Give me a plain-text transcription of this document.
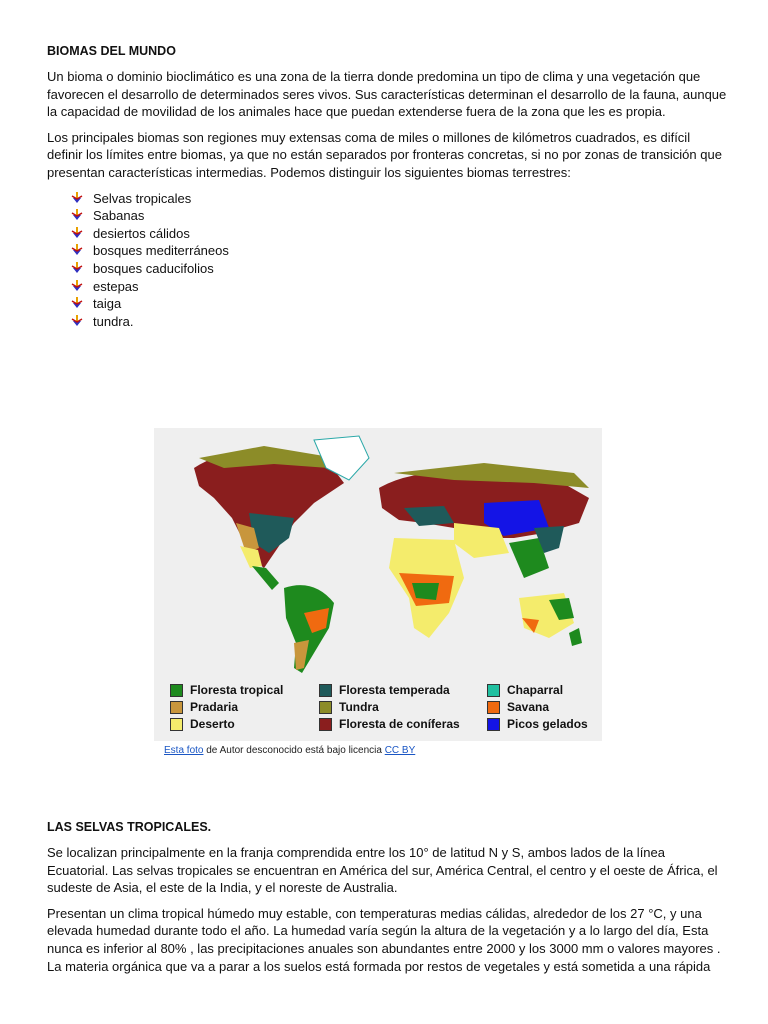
BIOMAS DEL MUNDO

Un bioma o dominio bioclimático es una zona de la tierra donde predomina un tipo de clima y una vegetación que favorecen el desarrollo de determinados seres vivos. Sus características determinan el desarrollo de la fauna, aunque la capacidad de movilidad de los animales hace que puedan extenderse fuera de la zona que les es propia.

Los principales biomas son regiones muy extensas coma de miles o millones de kilómetros cuadrados, es difícil definir los límites entre biomas, ya que no están separados por fronteras concretas, si no por zonas de transición que presentan características intermedias. Podemos distinguir los siguientes biomas terrestres:

Selvas tropicales
Sabanas
desiertos cálidos
bosques mediterráneos
bosques caducifolios
estepas
taiga
tundra.
Floresta tropical
Pradaria
Deserto
Floresta temperada
Tundra
Floresta de coníferas
Chaparral
Savana
Picos gelados
Esta foto de Autor desconocido está bajo licencia CC BY
LAS SELVAS TROPICALES.

Se localizan principalmente en la franja comprendida entre los 10° de latitud N y S, ambos lados de la línea Ecuatorial. Las selvas tropicales se encuentran en América del sur, América Central, el centro y el oeste de África, el sudeste de Asia, el este de la India, y el noreste de Australia.

Presentan un clima tropical húmedo muy estable, con temperaturas medias cálidas, alrededor de los 27 °C, y una elevada humedad durante todo el año. La humedad varía según la altura de la vegetación y a lo largo del día, Esta nunca es inferior al 80% , las precipitaciones anuales son abundantes entre 2000 y los 3000 mm o valores mayores . La materia orgánica que va a parar a los suelos está formada por restos de vegetales y está sometida a una rápida
